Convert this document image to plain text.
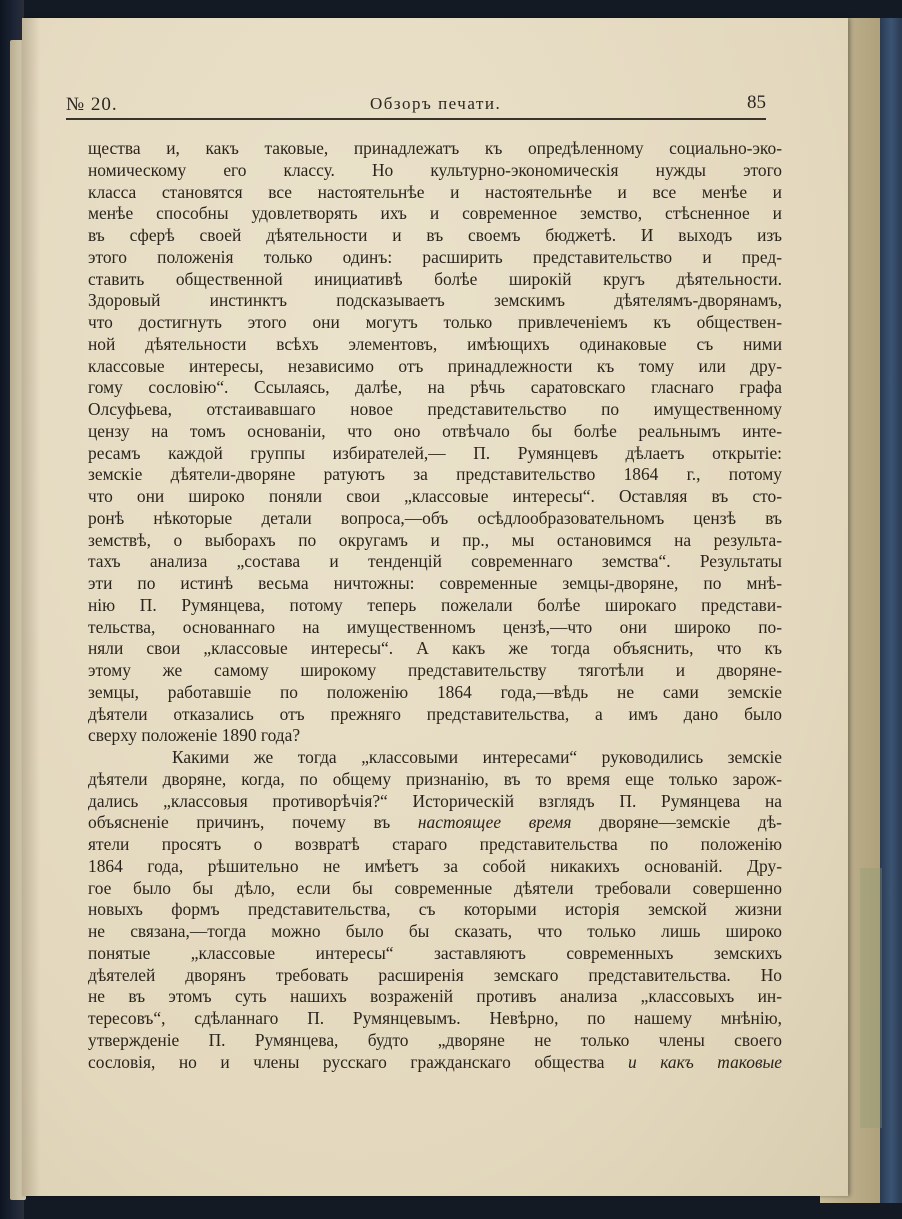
№ 20.	Обзоръ печати.	85
щества и, какъ таковые, принадлежатъ къ опредѣленному социально-эко-
номическому его классу. Но культурно-экономическія нужды этого
класса становятся все настоятельнѣе и настоятельнѣе и все менѣе и
менѣе способны удовлетворять ихъ и современное земство, стѣсненное и
въ сферѣ своей дѣятельности и въ своемъ бюджетѣ. И выходъ изъ
этого положенія только одинъ: расширить представительство и пред-
ставить общественной инициативѣ болѣе широкій кругъ дѣятельности.
Здоровый инстинктъ подсказываетъ земскимъ дѣятелямъ-дворянамъ,
что достигнуть этого они могутъ только привлеченіемъ къ обществен-
ной дѣятельности всѣхъ элементовъ, имѣющихъ одинаковые съ ними
классовые интересы, независимо отъ принадлежности къ тому или дру-
гому сословію“. Ссылаясь, далѣе, на рѣчь саратовскаго гласнаго графа
Олсуфьева, отстаивавшаго новое представительство по имущественному
цензу на томъ основаніи, что оно отвѣчало бы болѣе реальнымъ инте-
ресамъ каждой группы избирателей,— П. Румянцевъ дѣлаетъ открытіе:
земскіе дѣятели-дворяне ратуютъ за представительство 1864 г., потому
что они широко поняли свои „классовые интересы“. Оставляя въ сто-
ронѣ нѣкоторые детали вопроса,—объ осѣдлообразовательномъ цензѣ въ
земствѣ, о выборахъ по округамъ и пр., мы остановимся на результа-
тахъ анализа „состава и тенденцій современнаго земства“. Результаты
эти по истинѣ весьма ничтожны: современные земцы-дворяне, по мнѣ-
нію П. Румянцева, потому теперь пожелали болѣе широкаго представи-
тельства, основаннаго на имущественномъ цензѣ,—что они широко по-
няли свои „классовые интересы“. А какъ же тогда объяснить, что къ
этому же самому широкому представительству тяготѣли и дворяне-
земцы, работавшіе по положенію 1864 года,—вѣдь не сами земскіе
дѣятели отказались отъ прежняго представительства, а имъ дано было
сверху положеніе 1890 года?
Какими же тогда „классовыми интересами“ руководились земскіе
дѣятели дворяне, когда, по общему признанію, въ то время еще только зарож-
дались „классовыя противорѣчія?“ Историческій взглядъ П. Румянцева на
объясненіе причинъ, почему въ настоящее время дворяне—земскіе дѣ-
ятели просятъ о возвратѣ стараго представительства по положенію
1864 года, рѣшительно не имѣетъ за собой никакихъ основаній. Дру-
гое было бы дѣло, если бы современные дѣятели требовали совершенно
новыхъ формъ представительства, съ которыми исторія земской жизни
не связана,—тогда можно было бы сказать, что только лишь широко
понятые „классовые интересы“ заставляютъ современныхъ земскихъ
дѣятелей дворянъ требовать расширенія земскаго представительства. Но
не въ этомъ суть нашихъ возраженій противъ анализа „классовыхъ ин-
тересовъ“, сдѣланнаго П. Румянцевымъ. Невѣрно, по нашему мнѣнію,
утвержденіе П. Румянцева, будто „дворяне не только члены своего
сословія, но и члены русскаго гражданскаго общества и какъ таковые
